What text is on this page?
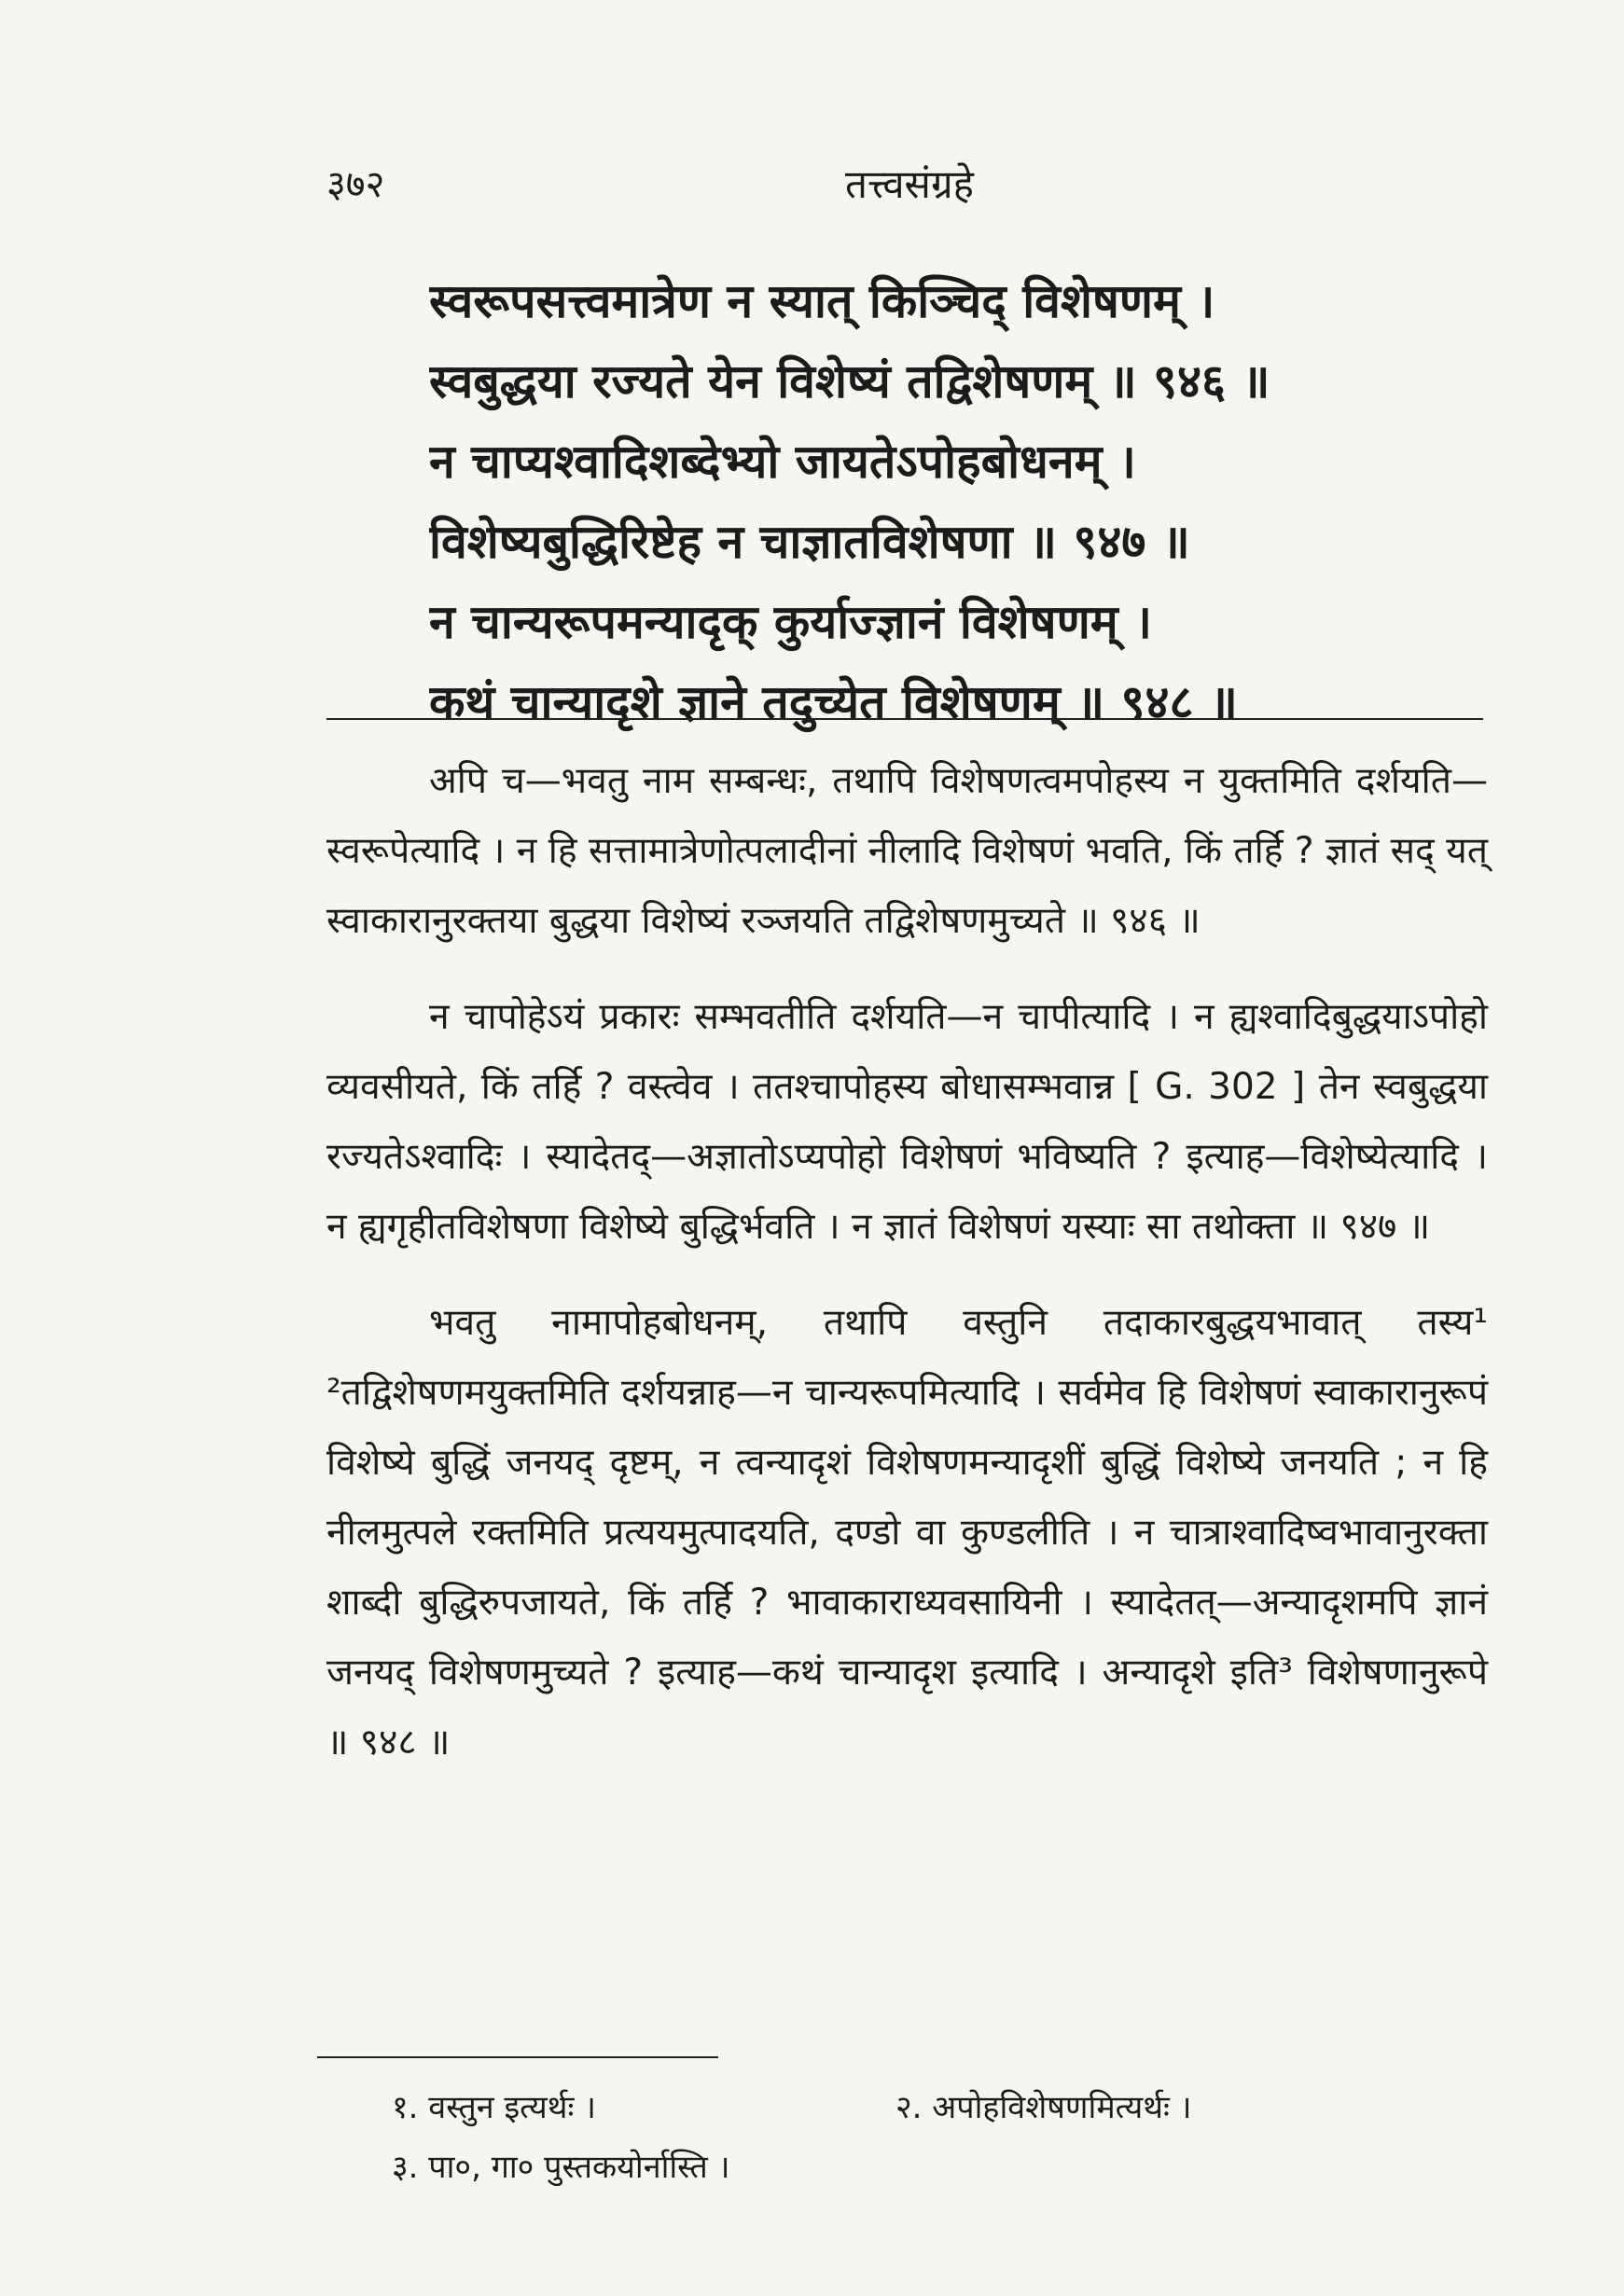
३७२	तत्त्वसंग्रहे
स्वरूपसत्त्वमात्रेण न स्यात् किञ्चिद् विशेषणम् ।
स्वबुद्धया रज्यते येन विशेष्यं तद्विशेषणम् ॥ ९४६ ॥
न चाप्यश्वादिशब्देभ्यो जायतेऽपोहबोधनम् ।
विशेष्यबुद्धिरिष्टेह न चाज्ञातविशेषणा ॥ ९४७ ॥
न चान्यरूपमन्यादृक् कुर्याज्ज्ञानं विशेषणम् ।
कथं चान्यादृशे ज्ञाने तदुच्येत विशेषणम् ॥ ९४८ ॥

अपि च—भवतु नाम सम्बन्धः, तथापि विशेषणत्वमपोहस्य न युक्तमिति दर्शयति— स्वरूपेत्यादि । न हि सत्तामात्रेणोत्पलादीनां नीलादि विशेषणं भवति, किं तर्हि ? ज्ञातं सद् यत् स्वाकारानुरक्तया बुद्धया विशेष्यं रञ्जयति तद्विशेषणमुच्यते ॥ ९४६ ॥

न चापोहेऽयं प्रकारः सम्भवतीति दर्शयति—न चापीत्यादि । न ह्यश्वादिबुद्धयाऽपोहो व्यवसीयते, किं तर्हि ? वस्त्वेव । ततश्चापोहस्य बोधासम्भवान्न [ G. 302 ] तेन स्वबुद्धया रज्यतेऽश्वादिः । स्यादेतद्—अज्ञातोऽप्यपोहो विशेषणं भविष्यति ? इत्याह—विशेष्येत्यादि । न ह्यगृहीतविशेषणा विशेष्ये बुद्धिर्भवति । न ज्ञातं विशेषणं यस्याः सा तथोक्ता ॥ ९४७ ॥

भवतु नामापोहबोधनम्, तथापि वस्तुनि तदाकारबुद्धयभावात् तस्य¹ ²तद्विशेषणमयुक्तमिति दर्शयन्नाह—न चान्यरूपमित्यादि । सर्वमेव हि विशेषणं स्वाकारानुरूपं विशेष्ये बुद्धिं जनयद् दृष्टम्, न त्वन्यादृशं विशेषणमन्यादृशीं बुद्धिं विशेष्ये जनयति ; न हि नीलमुत्पले रक्तमिति प्रत्ययमुत्पादयति, दण्डो वा कुण्डलीति । न चात्राश्वादिष्वभावानुरक्ता शाब्दी बुद्धिरुपजायते, किं तर्हि ? भावाकाराध्यवसायिनी । स्यादेतत्—अन्यादृशमपि ज्ञानं जनयद् विशेषणमुच्यते ? इत्याह—कथं चान्यादृश इत्यादि । अन्यादृशे इति³ विशेषणानुरूपे ॥ ९४८ ॥

१. वस्तुन इत्यर्थः ।	२. अपोहविशेषणमित्यर्थः ।
३. पा०, गा० पुस्तकयोर्नास्ति ।
